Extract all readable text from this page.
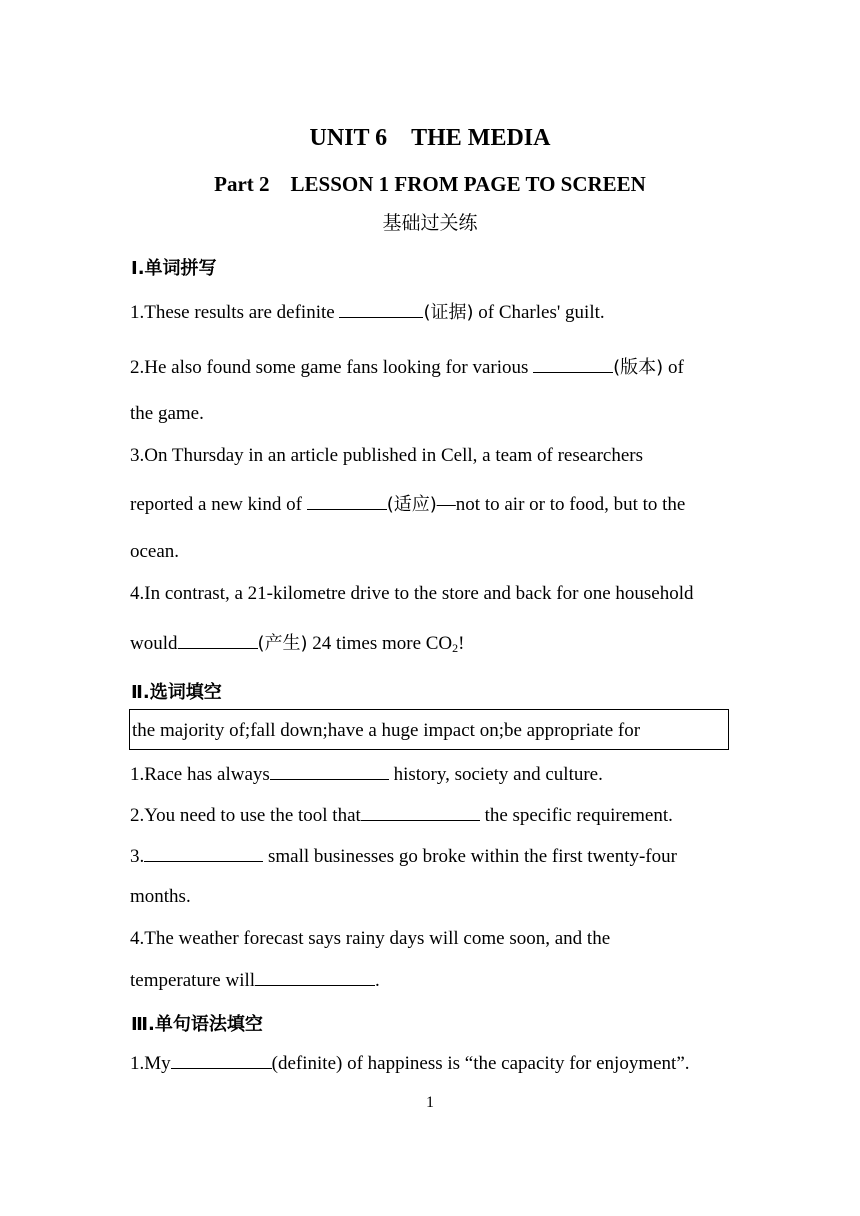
UNIT 6　THE MEDIA
Part 2　LESSON 1 FROM PAGE TO SCREEN
基础过关练
Ⅰ.单词拼写
1.These results are definite	(证据) of Charles' guilt.
2.He also found some game fans looking for various	(版本) of
the game.
3.On Thursday in an article published in Cell, a team of researchers
reported a new kind of	(适应)—not to air or to food, but to the
ocean.
4.In contrast, a 21-kilometre drive to the store and back for one household
would	(产生) 24 times more $CO_2$!
Ⅱ.选词填空
the majority of;fall down;have a huge impact on;be appropriate for
1.Race has always	history, society and culture.
2.You need to use the tool that	the specific requirement.
3.	small businesses go broke within the first twenty-four
months.
4.The weather forecast says rainy days will come soon, and the
temperature will	.
Ⅲ.单句语法填空
1.My	(definite) of happiness is “the capacity for enjoyment”.
1
